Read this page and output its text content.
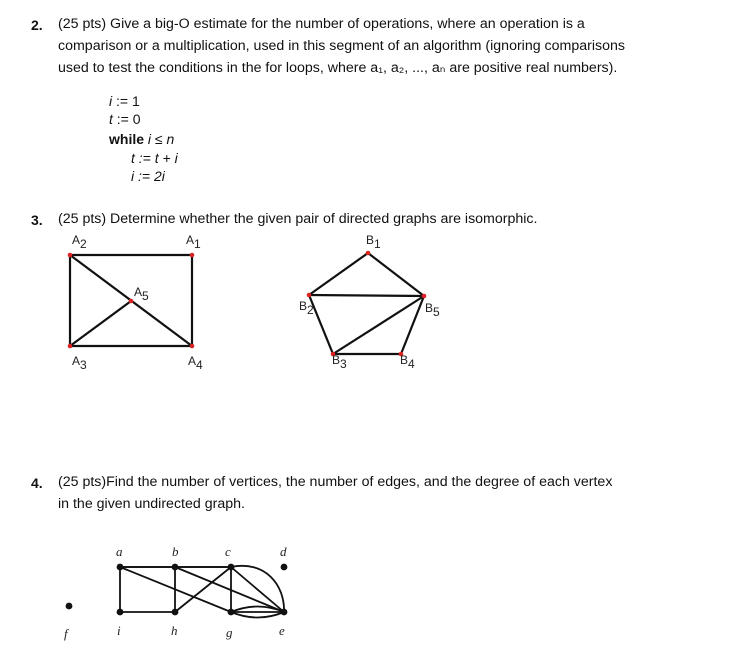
2. (25 pts) Give a big-O estimate for the number of operations, where an operation is a
comparison or a multiplication, used in this segment of an algorithm (ignoring comparisons
used to test the conditions in the for loops, where a₁, a₂, ..., aₙ are positive real numbers).
i := 1
t := 0
while i ≤ n
t := t + i
i := 2i
3. (25 pts) Determine whether the given pair of directed graphs are isomorphic.
A2	A1
A5
A3	A4
B1
B2	B5
B3	B4
4. (25 pts)Find the number of vertices, the number of edges, and the degree of each vertex
in the given undirected graph.
a	b	c	d
f	i	h	g	e
